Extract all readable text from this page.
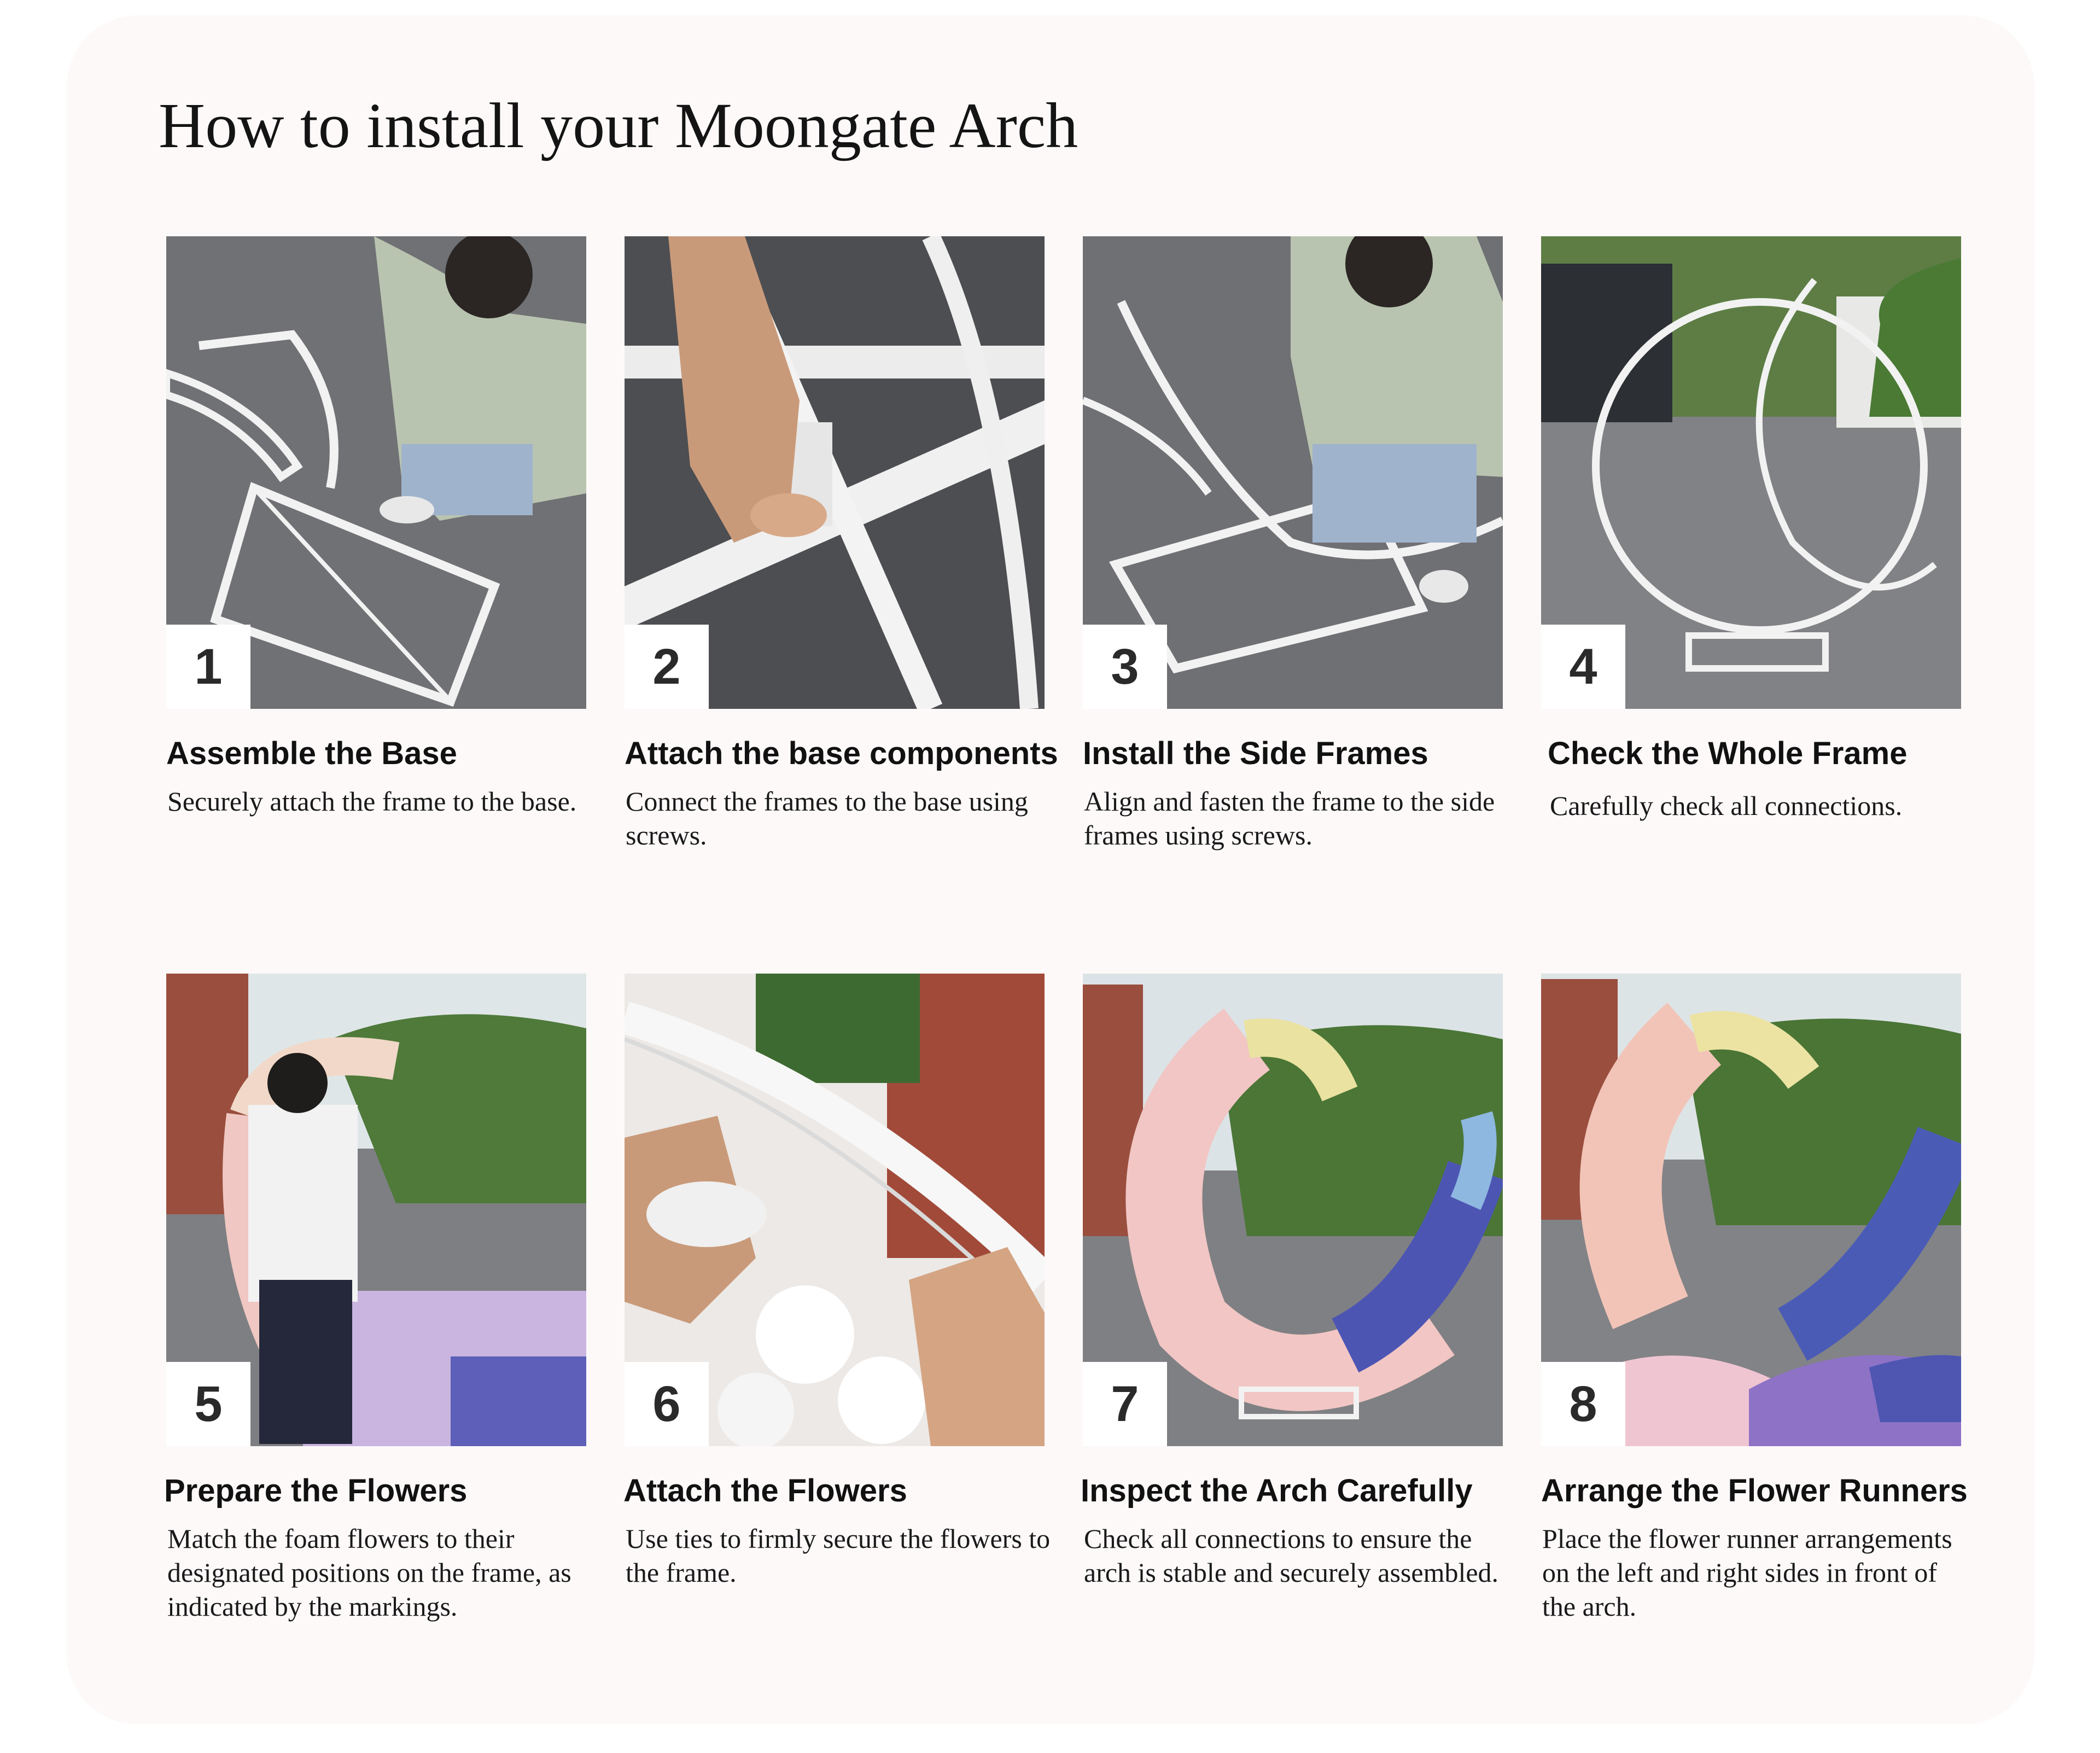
How to install your Moongate Arch
1
Assemble the Base

Securely attach the frame to the base.

2
Attach the base components

Connect the frames to the base using screws.

3
Install the Side Frames

Align and fasten the frame to the side frames using screws.

4
Check the Whole Frame

Carefully check all connections.

5
Prepare the Flowers

Match the foam flowers to their designated positions on the frame, as indicated by the markings.

6
Attach the Flowers

Use ties to firmly secure the flowers to the frame.

7
Inspect the Arch Carefully

Check all connections to ensure the arch is stable and securely assembled.

8
Arrange the Flower Runners

Place the flower runner arrangements on the left and right sides in front of the arch.
